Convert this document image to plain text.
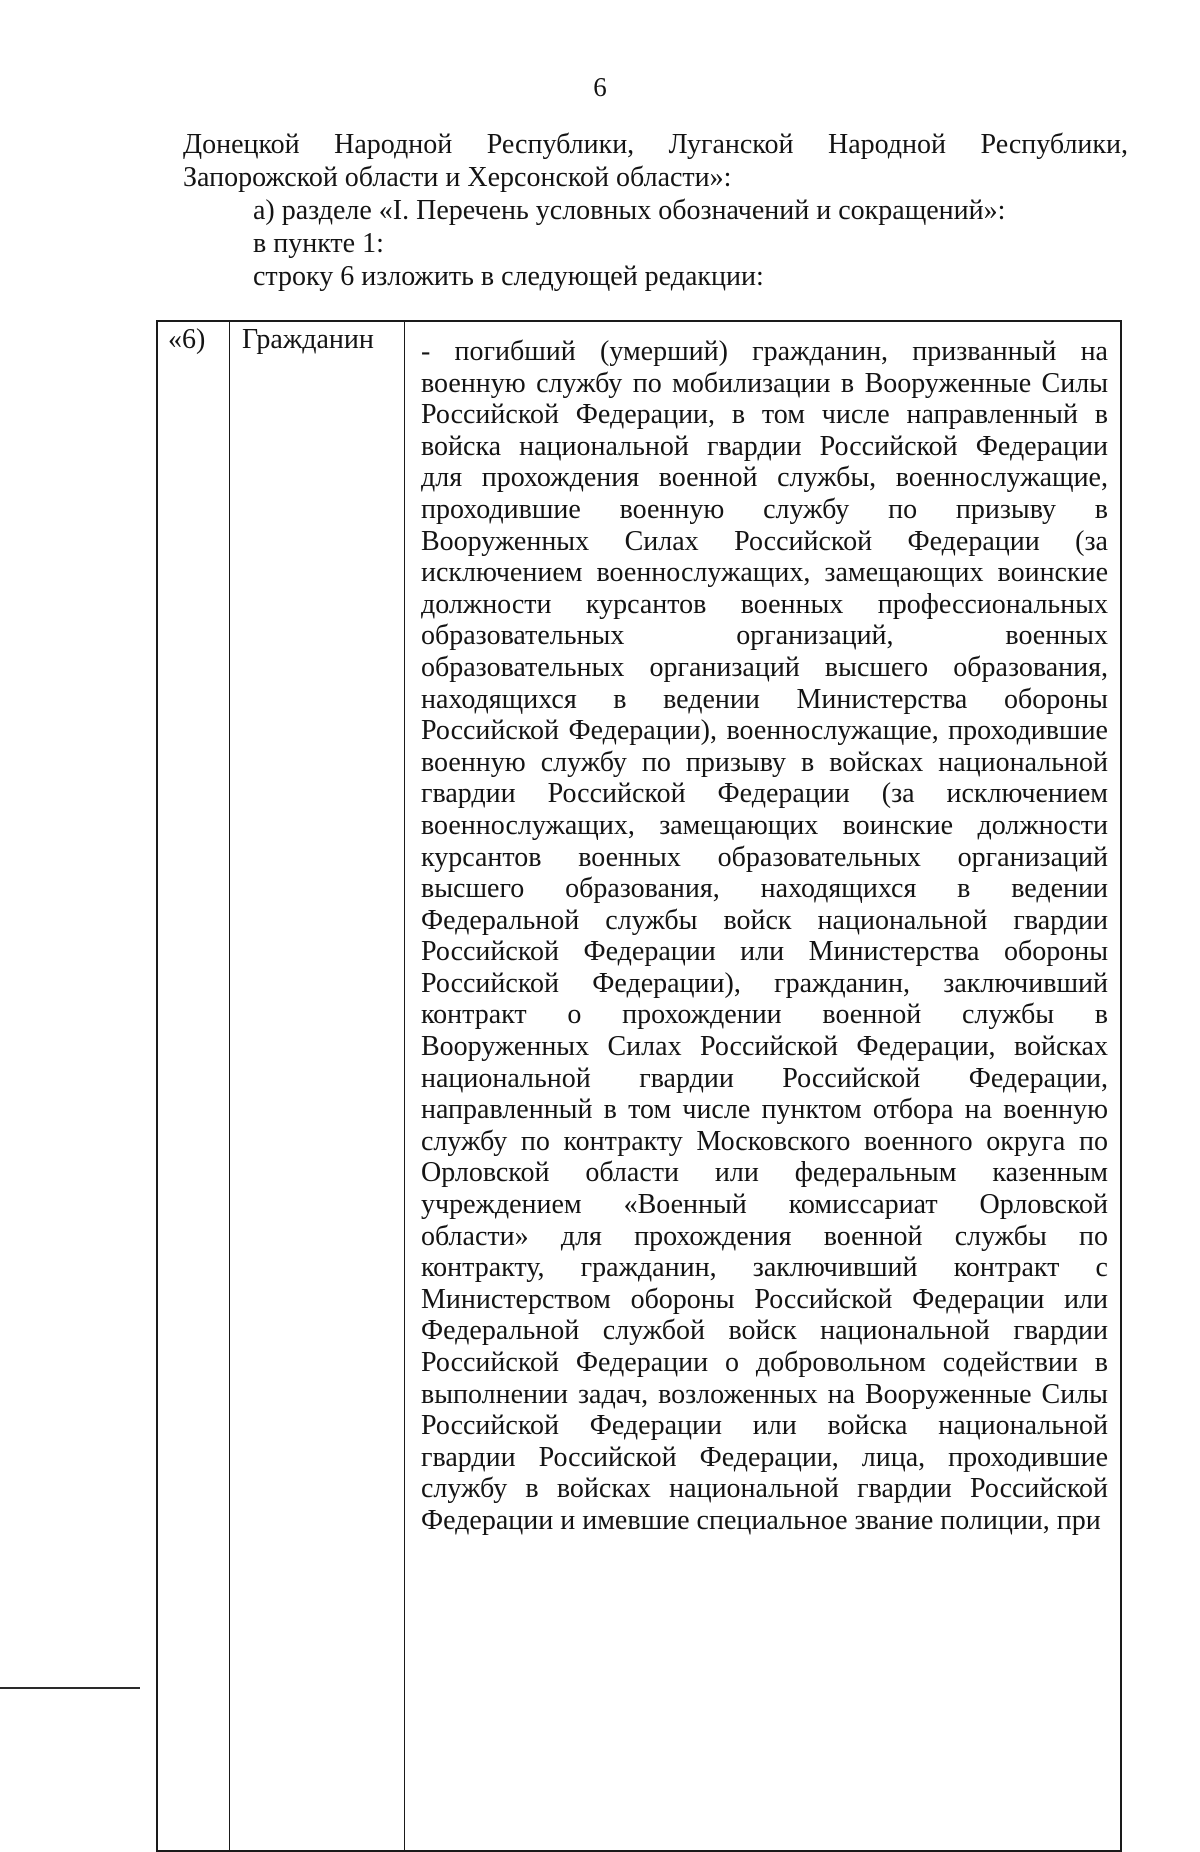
6
Донецкой Народной Республики, Луганской Народной Республики,
Запорожской области и Херсонской области»:
а) разделе «I. Перечень условных обозначений и сокращений»:
в пункте 1:
строку 6 изложить в следующей редакции:
«6)	Гражданин	- погибший (умерший) гражданин, призванный на военную службу по мобилизации в Вооруженные Силы Российской Федерации, в том числе направленный в войска национальной гвардии Российской Федерации для прохождения военной службы, военнослужащие, проходившие военную службу по призыву в Вооруженных Силах Российской Федерации (за исключением военнослужащих, замещающих воинские должности курсантов военных профессиональных образовательных организаций, военных образовательных организаций высшего образования, находящихся в ведении Министерства обороны Российской Федерации), военнослужащие, проходившие военную службу по призыву в войсках национальной гвардии Российской Федерации (за исключением военнослужащих, замещающих воинские должности курсантов военных образовательных организаций высшего образования, находящихся в ведении Федеральной службы войск национальной гвардии Российской Федерации или Министерства обороны Российской Федерации), гражданин, заключивший контракт о прохождении военной службы в Вооруженных Силах Российской Федерации, войсках национальной гвардии Российской Федерации, направленный в том числе пунктом отбора на военную службу по контракту Московского военного округа по Орловской области или федеральным казенным учреждением «Военный комиссариат Орловской области» для прохождения военной службы по контракту, гражданин, заключивший контракт с Министерством обороны Российской Федерации или Федеральной службой войск национальной гвардии Российской Федерации о добровольном содействии в выполнении задач, возложенных на Вооруженные Силы Российской Федерации или войска национальной гвардии Российской Федерации, лица, проходившие службу в войсках национальной гвардии Российской Федерации и имевшие специальное звание полиции, при
